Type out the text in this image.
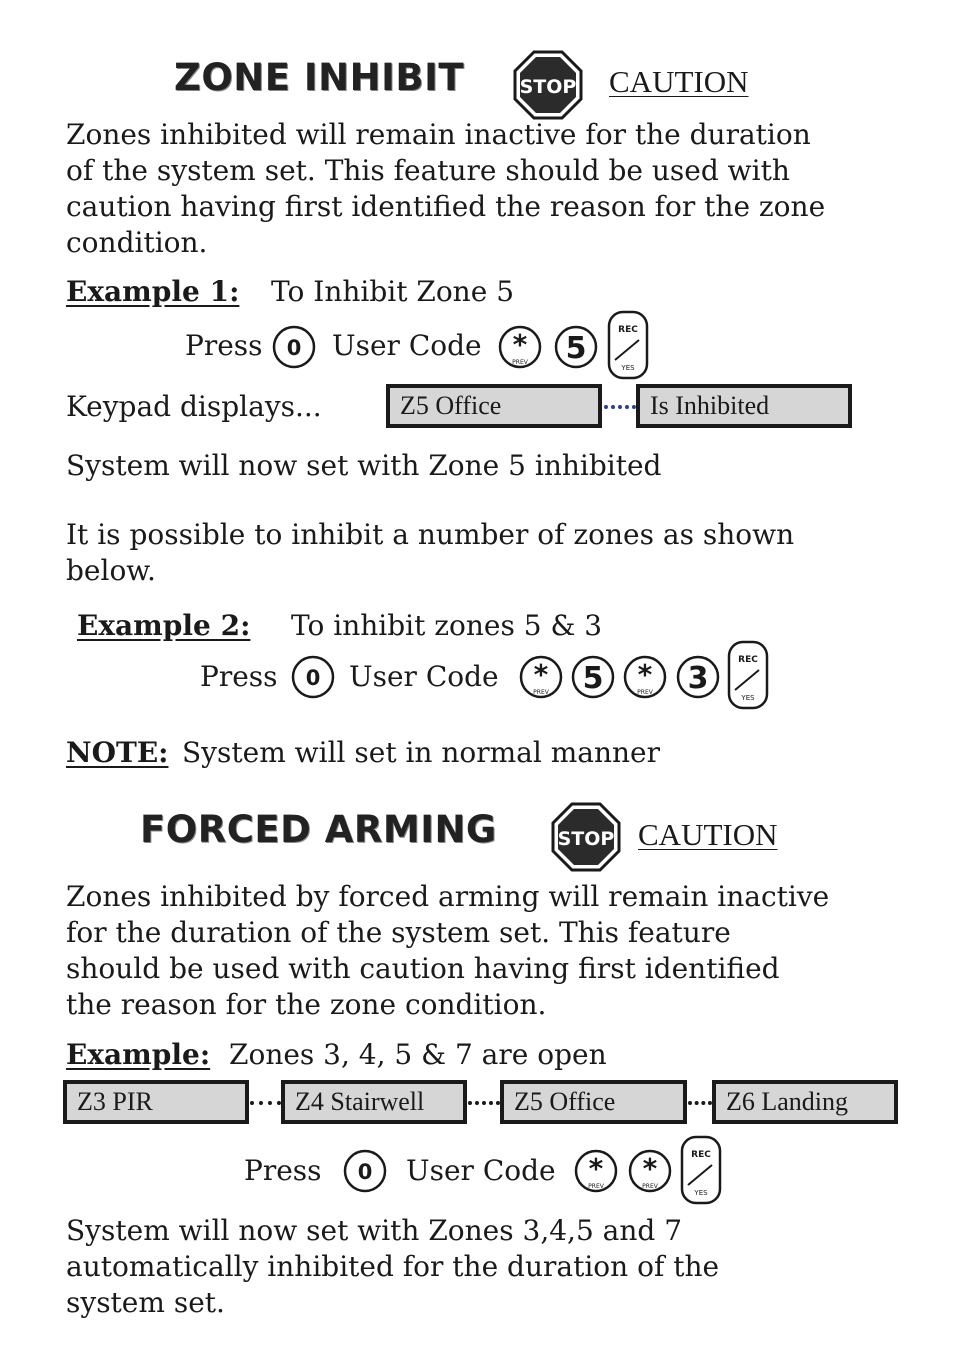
ZONE INHIBIT	STOP CAUTION
Zones inhibited will remain inactive for the duration
of the system set. This feature should be used with
caution having first identified the reason for the zone
condition.
Example 1: To Inhibit Zone 5
Press 0 User Code *
PREV 5
REC
YES
Keypad displays...	Z5 Office	Is Inhibited
System will now set with Zone 5 inhibited
It is possible to inhibit a number of zones as shown
below.
Example 2: To inhibit zones 5 & 3
Press 0 User Code *
PREV 5 *
PREV 3
REC
YES
NOTE: System will set in normal manner
FORCED ARMING	STOP CAUTION
Zones inhibited by forced arming will remain inactive
for the duration of the system set. This feature
should be used with caution having first identified
the reason for the zone condition.
Example: Zones 3, 4, 5 & 7 are open
Z3 PIR	Z4 Stairwell	Z5 Office	Z6 Landing
Press 0 User Code *
PREV
*
PREV
REC
YES
System will now set with Zones 3,4,5 and 7
automatically inhibited for the duration of the
system set.
